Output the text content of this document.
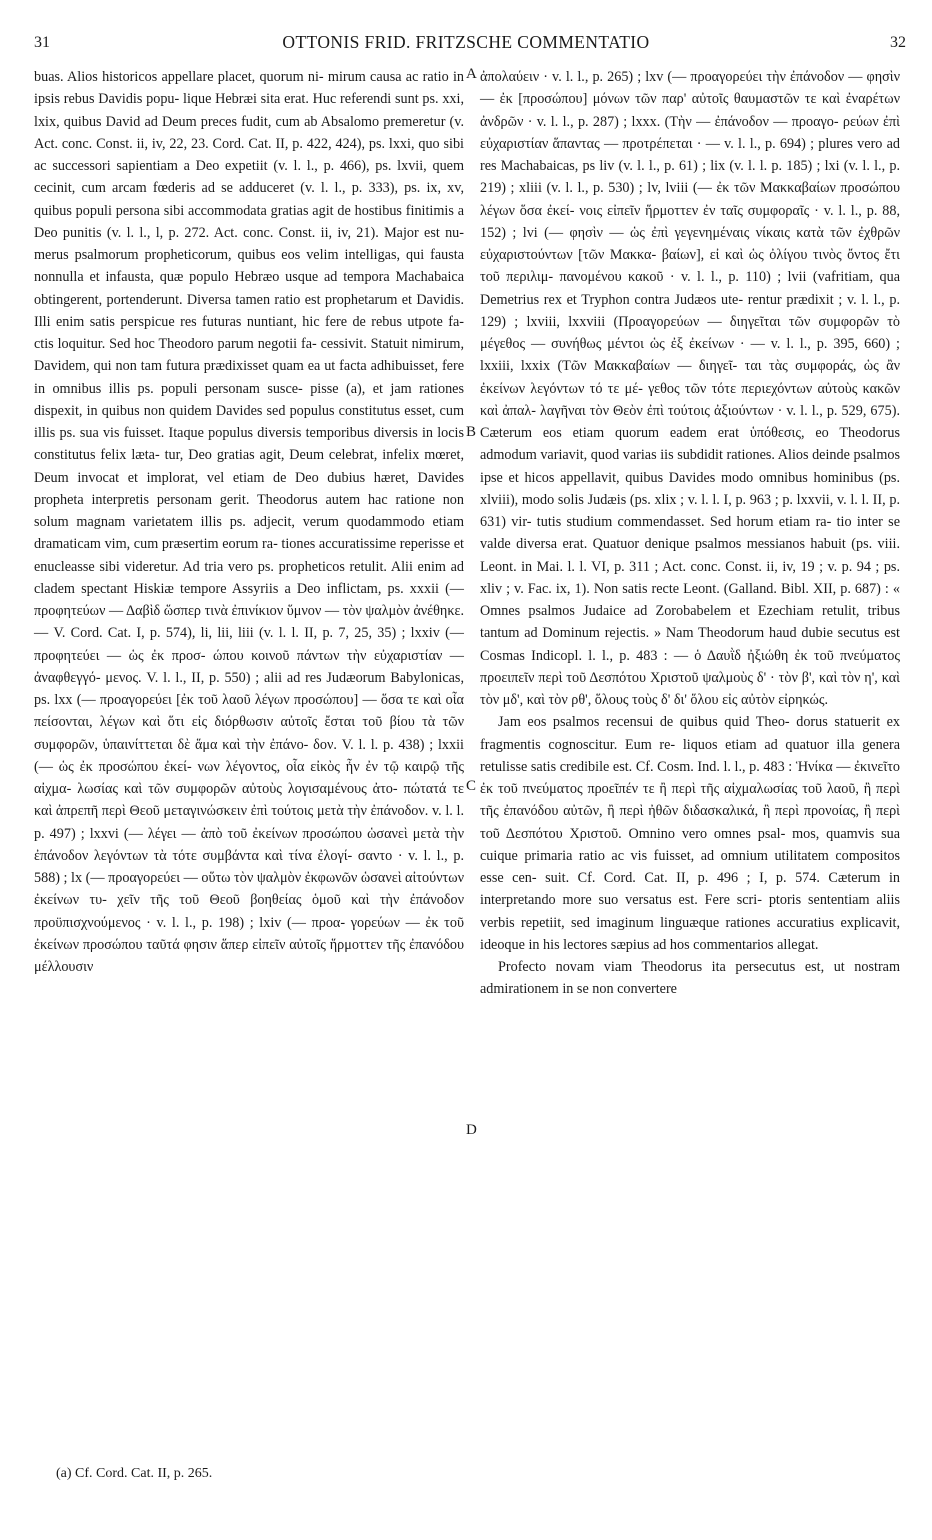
31	OTTONIS FRID. FRITZSCHE COMMENTATIO	32

buas. Alios historicos appellare placet, quorum ni- mirum causa ac ratio in ipsis rebus Davidis popu- lique Hebræi sita erat. Huc referendi sunt ps. xxi, lxix, quibus David ad Deum preces fudit, cum ab Absalomo premeretur (v. Act. conc. Const. ii, iv, 22, 23. Cord. Cat. II, p. 422, 424), ps. lxxi, quo sibi ac successori sapientiam a Deo expetiit (v. l. l., p. 466), ps. lxvii, quem cecinit, cum arcam fœderis ad se adduceret (v. l. l., p. 333), ps. ix, xv, quibus populi persona sibi accommodata gratias agit de hostibus finitimis a Deo punitis (v. l. l., l, p. 272. Act. conc. Const. ii, iv, 21). Major est nu- merus psalmorum propheticorum, quibus eos velim intelligas, qui fausta nonnulla et infausta, quæ populo Hebræo usque ad tempora Machabaica obtingerent, portenderunt. Diversa tamen ratio est prophetarum et Davidis. Illi enim satis perspicue res futuras nuntiant, hic fere de rebus utpote fa- ctis loquitur. Sed hoc Theodoro parum negotii fa- cessivit. Statuit nimirum, Davidem, qui non tam futura prædixisset quam ea ut facta adhibuisset, fere in omnibus illis ps. populi personam susce- pisse (a), et jam rationes dispexit, in quibus non quidem Davides sed populus constitutus esset, cum illis ps. sua vis fuisset. Itaque populus diversis temporibus diversis in locis constitutus felix læta- tur, Deo gratias agit, Deum celebrat, infelix mœret, Deum invocat et implorat, vel etiam de Deo dubius hæret, Davides propheta interpretis personam gerit. Theodorus autem hac ratione non solum magnam varietatem illis ps. adjecit, verum quodammodo etiam dramaticam vim, cum præsertim eorum ra- tiones accuratissime reperisse et enucleasse sibi videretur. Ad tria vero ps. propheticos retulit. Alii enim ad cladem spectant Hiskiæ tempore Assyriis a Deo inflictam, ps. xxxii (— προφητεύων — Δαβὶδ ὥσπερ τινὰ ἐπινίκιον ὕμνον — τὸν ψαλμὸν ἀνέθηκε. — V. Cord. Cat. I, p. 574), li, lii, liii (v. l. l. II, p. 7, 25, 35) ; lxxiv (— προφητεύει — ὡς ἐκ προσ- ώπου κοινοῦ πάντων τὴν εὐχαριστίαν — ἀναφθεγγό- μενος. V. l. l., II, p. 550) ; alii ad res Judæorum Babylonicas, ps. lxx (— προαγορεύει [ἐκ τοῦ λαοῦ λέγων προσώπου] — ὅσα τε καὶ οἷα πείσονται, λέγων καὶ ὅτι εἰς διόρθωσιν αὐτοῖς ἔσται τοῦ βίου τὰ τῶν συμφορῶν, ὑπαινίττεται δὲ ἅμα καὶ τὴν ἐπάνο- δον. V. l. l. p. 438) ; lxxii (— ὡς ἐκ προσώπου ἐκεί- νων λέγοντος, οἷα εἰκὸς ἦν ἐν τῷ καιρῷ τῆς αἰχμα- λωσίας καὶ τῶν συμφορῶν αὐτοὺς λογισαμένους ἀτο- πώτατά τε καὶ ἀπρεπῆ περὶ Θεοῦ μεταγινώσκειν ἐπὶ τούτοις μετὰ τὴν ἐπάνοδον. v. l. l. p. 497) ; lxxvi (— λέγει — ἀπὸ τοῦ ἐκείνων προσώπου ὡσανεὶ μετὰ τὴν ἐπάνοδον λεγόντων τὰ τότε συμβάντα καὶ τίνα ἐλογί- σαντο · v. l. l., p. 588) ; lx (— προαγορεύει — οὕτω τὸν ψαλμὸν ἐκφωνῶν ὡσανεὶ αἰτούντων ἐκείνων τυ- χεῖν τῆς τοῦ Θεοῦ βοηθείας ὁμοῦ καὶ τὴν ἐπάνοδον προϋπισχνούμενος · v. l. l., p. 198) ; lxiv (— προα- γορεύων — ἐκ τοῦ ἐκείνων προσώπου ταῦτά φησιν ἅπερ εἰπεῖν αὐτοῖς ἥρμοττεν τῆς ἐπανόδου μέλλουσιν

ἀπολαύειν · v. l. l., p. 265) ; lxv (— προαγορεύει τὴν ἐπάνοδον — φησὶν — ἐκ [προσώπου] μόνων τῶν παρ' αὐτοῖς θαυμαστῶν τε καὶ ἐναρέτων ἀνδρῶν · v. l. l., p. 287) ; lxxx. (Τὴν — ἐπάνοδον — προαγο- ρεύων ἐπὶ εὐχαριστίαν ἅπαντας — προτρέπεται · — v. l. l., p. 694) ; plures vero ad res Machabaicas, ps liv (v. l. l., p. 61) ; lix (v. l. l. p. 185) ; lxi (v. l. l., p. 219) ; xliii (v. l. l., p. 530) ; lv, lviii (— ἐκ τῶν Μακκαβαίων προσώπου λέγων ὅσα ἐκεί- νοις εἰπεῖν ἥρμοττεν ἐν ταῖς συμφοραῖς · v. l. l., p. 88, 152) ; lvi (— φησὶν — ὡς ἐπὶ γεγενημέναις νίκαις κατὰ τῶν ἐχθρῶν εὐχαριστούντων [τῶν Μακκα- βαίων], εἰ καὶ ὡς ὀλίγου τινὸς ὄντος ἔτι τοῦ περιλιμ- πανομένου κακοῦ · v. l. l., p. 110) ; lvii (vafritiam, qua Demetrius rex et Tryphon contra Judæos ute- rentur prædixit ; v. l. l., p. 129) ; lxviii, lxxviii (Προαγορεύων — διηγεῖται τῶν συμφορῶν τὸ μέγεθος — συνήθως μέντοι ὡς ἐξ ἐκείνων · — v. l. l., p. 395, 660) ; lxxiii, lxxix (Τῶν Μακκαβαίων — διηγεῖ- ται τὰς συμφοράς, ὡς ἂν ἐκείνων λεγόντων τό τε μέ- γεθος τῶν τότε περιεχόντων αὐτοὺς κακῶν καὶ ἀπαλ- λαγῆναι τὸν Θεὸν ἐπὶ τούτοις ἀξιούντων · v. l. l., p. 529, 675). Cæterum eos etiam quorum eadem erat ὑπόθεσις, eo Theodorus admodum variavit, quod varias iis subdidit rationes. Alios deinde psalmos ipse et hicos appellavit, quibus Davides modo omnibus hominibus (ps. xlviii), modo solis Judæis (ps. xlix ; v. l. l. I, p. 963 ; p. lxxvii, v. l. l. II, p. 631) vir- tutis studium commendasset. Sed horum etiam ra- tio inter se valde diversa erat. Quatuor denique psalmos messianos habuit (ps. viii. Leont. in Mai. l. l. VI, p. 311 ; Act. conc. Const. ii, iv, 19 ; v. p. 94 ; ps. xliv ; v. Fac. ix, 1). Non satis recte Leont. (Galland. Bibl. XII, p. 687) : « Omnes psalmos Judaice ad Zorobabelem et Ezechiam retulit, tribus tantum ad Dominum rejectis. » Nam Theodorum haud dubie secutus est Cosmas Indicopl. l. l., p. 483 : — ὁ Δαυῒδ ἠξιώθη ἐκ τοῦ πνεύματος προειπεῖν περὶ τοῦ Δεσπότου Χριστοῦ ψαλμοὺς δ' · τὸν β', καὶ τὸν η', καὶ τὸν μδ', καὶ τὸν ρθ', ὅλους τοὺς δ' δι' ὅλου εἰς αὐτὸν εἰρηκώς.

Jam eos psalmos recensui de quibus quid Theo- dorus statuerit ex fragmentis cognoscitur. Eum re- liquos etiam ad quatuor illa genera retulisse satis credibile est. Cf. Cosm. Ind. l. l., p. 483 : Ἡνίκα — ἐκινεῖτο ἐκ τοῦ πνεύματος προεῖπέν τε ἢ περὶ τῆς αἰχμαλωσίας τοῦ λαοῦ, ἢ περὶ τῆς ἐπανόδου αὐτῶν, ἢ περὶ ἠθῶν διδασκαλικά, ἢ περὶ προνοίας, ἢ περὶ τοῦ Δεσπότου Χριστοῦ. Omnino vero omnes psal- mos, quamvis sua cuique primaria ratio ac vis fuisset, ad omnium utilitatem compositos esse cen- suit. Cf. Cord. Cat. II, p. 496 ; I, p. 574. Cæterum in interpretando more suo versatus est. Fere scri- ptoris sententiam aliis verbis repetiit, sed imaginum linguæque rationes accuratius explicavit, ideoque in his lectores sæpius ad hos commentarios allegat.

Profecto novam viam Theodorus ita persecutus est, ut nostram admirationem in se non convertere

A
B
C
D
(a) Cf. Cord. Cat. II, p. 265.
